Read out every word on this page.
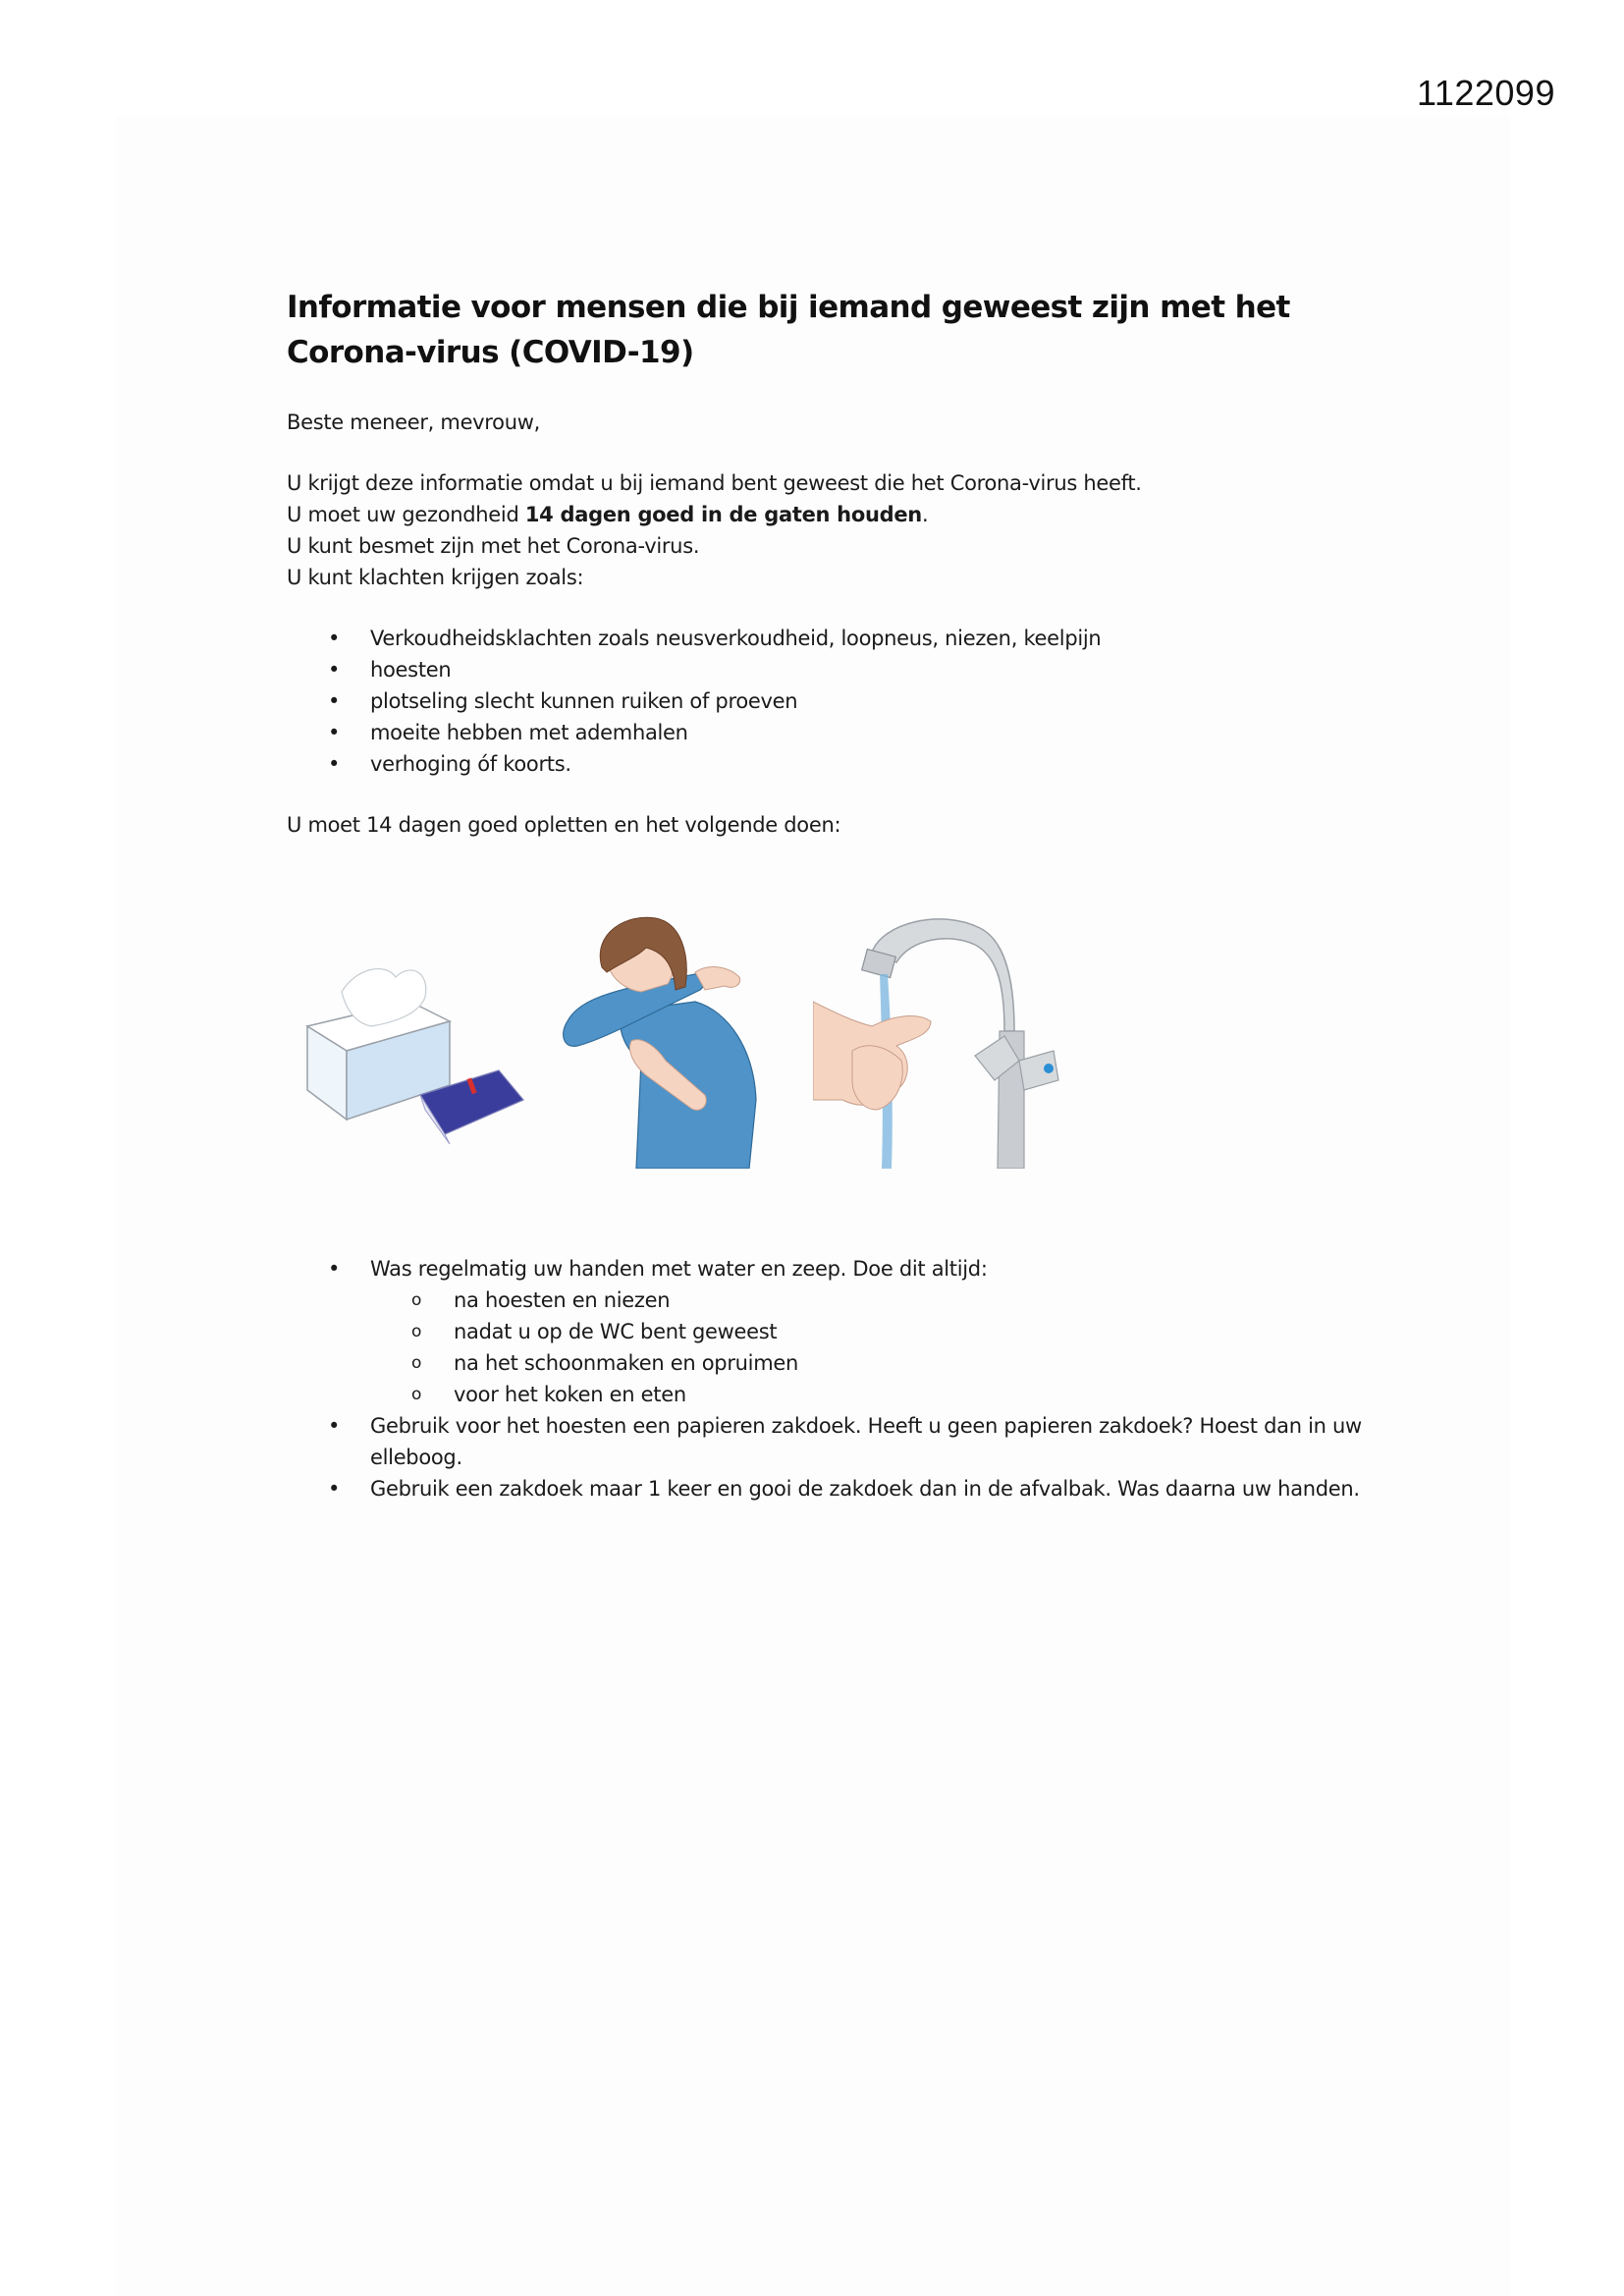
1122099
Informatie voor mensen die bij iemand geweest zijn met het Corona-virus (COVID-19)

Beste meneer, mevrouw,

U krijgt deze informatie omdat u bij iemand bent geweest die het Corona-virus heeft.

U moet uw gezondheid 14 dagen goed in de gaten houden.

U kunt besmet zijn met het Corona-virus.

U kunt klachten krijgen zoals:

• Verkoudheidsklachten zoals neusverkoudheid, loopneus, niezen, keelpijn
• hoesten
• plotseling slecht kunnen ruiken of proeven
• moeite hebben met ademhalen
• verhoging óf koorts.

U moet 14 dagen goed opletten en het volgende doen:

• Was regelmatig uw handen met water en zeep. Doe dit altijd:
o na hoesten en niezen
o nadat u op de WC bent geweest
o na het schoonmaken en opruimen
o voor het koken en eten
• Gebruik voor het hoesten een papieren zakdoek. Heeft u geen papieren zakdoek? Hoest dan in uw elleboog.
• Gebruik een zakdoek maar 1 keer en gooi de zakdoek dan in de afvalbak. Was daarna uw handen.
